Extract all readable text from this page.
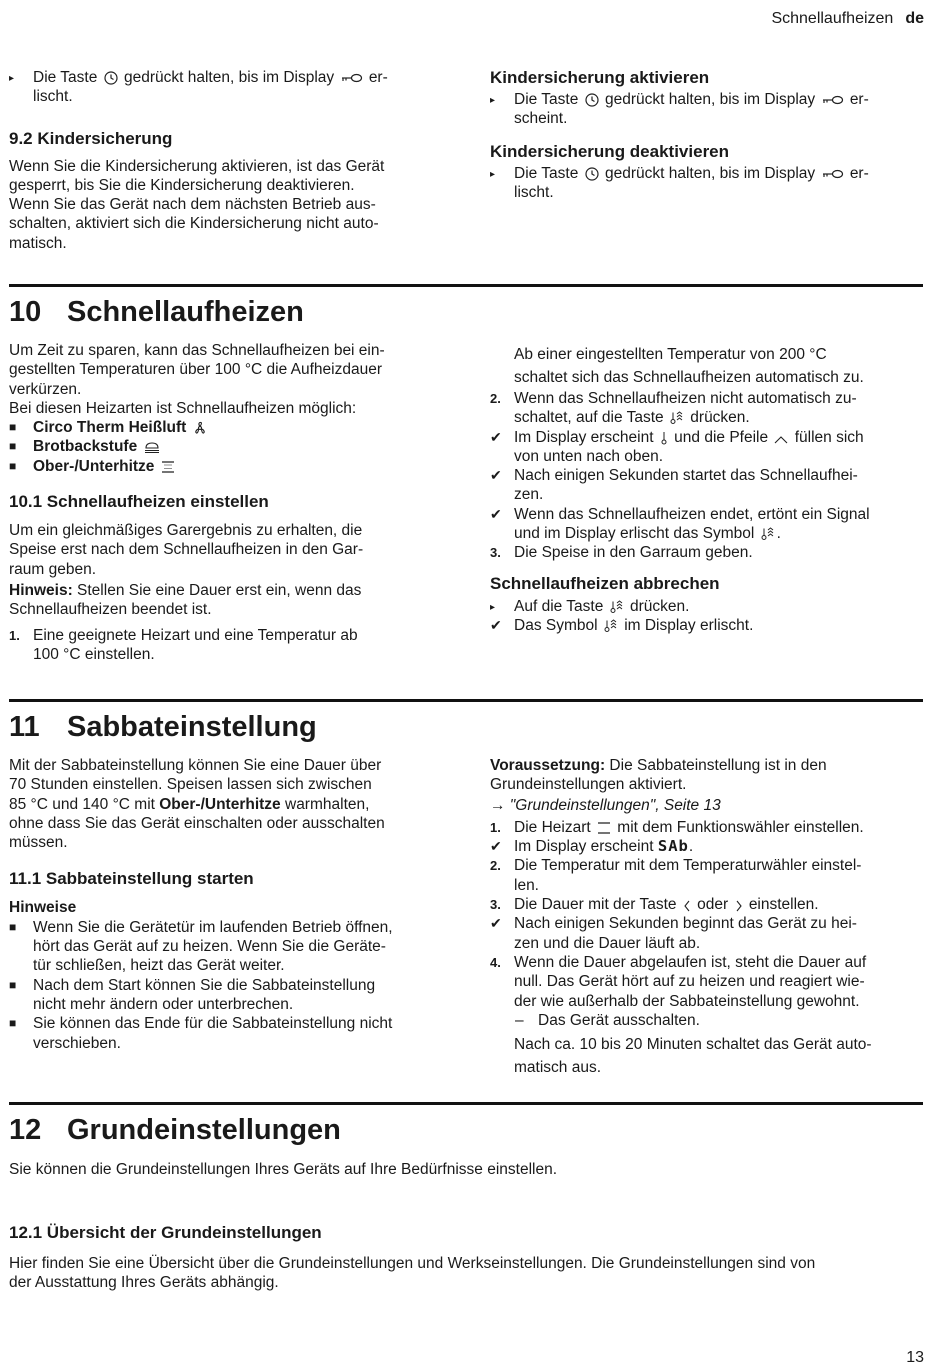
Schnellaufheizen de
▸	Die Taste gedrückt halten, bis im Display er-
lischt.
9.2 Kindersicherung
Wenn Sie die Kindersicherung aktivieren, ist das Gerät
gesperrt, bis Sie die Kindersicherung deaktivieren.
Wenn Sie das Gerät nach dem nächsten Betrieb aus-
schalten, aktiviert sich die Kindersicherung nicht auto-
matisch.
Kindersicherung aktivieren
▸	Die Taste gedrückt halten, bis im Display er-
scheint.
Kindersicherung deaktivieren
▸	Die Taste gedrückt halten, bis im Display er-
lischt.
10 Schnellaufheizen
Um Zeit zu sparen, kann das Schnellaufheizen bei ein-
gestellten Temperaturen über 100 °C die Aufheizdauer
verkürzen.
Bei diesen Heizarten ist Schnellaufheizen möglich:
■	Circo Therm Heißluft
■	Brotbackstufe
■	Ober-/Unterhitze
10.1 Schnellaufheizen einstellen
Um ein gleichmäßiges Garergebnis zu erhalten, die
Speise erst nach dem Schnellaufheizen in den Gar-
raum geben.
Hinweis: Stellen Sie eine Dauer erst ein, wenn das
Schnellaufheizen beendet ist.
1. Eine geeignete Heizart und eine Temperatur ab
100 °C einstellen.
Ab einer eingestellten Temperatur von 200 °C
schaltet sich das Schnellaufheizen automatisch zu.
2. Wenn das Schnellaufheizen nicht automatisch zu-
schaltet, auf die Taste drücken.
✔ Im Display erscheint und die Pfeile füllen sich
von unten nach oben.
✔ Nach einigen Sekunden startet das Schnellaufhei-
zen.
✔ Wenn das Schnellaufheizen endet, ertönt ein Signal
und im Display erlischt das Symbol .
3. Die Speise in den Garraum geben.
Schnellaufheizen abbrechen
▸	Auf die Taste drücken.
✔ Das Symbol im Display erlischt.
11 Sabbateinstellung
Mit der Sabbateinstellung können Sie eine Dauer über
70 Stunden einstellen. Speisen lassen sich zwischen
85 °C und 140 °C mit Ober-/Unterhitze warmhalten,
ohne dass Sie das Gerät einschalten oder ausschalten
müssen.
11.1 Sabbateinstellung starten
Hinweise
■	Wenn Sie die Gerätetür im laufenden Betrieb öffnen,
hört das Gerät auf zu heizen. Wenn Sie die Geräte-
tür schließen, heizt das Gerät weiter.
■	Nach dem Start können Sie die Sabbateinstellung
nicht mehr ändern oder unterbrechen.
■	Sie können das Ende für die Sabbateinstellung nicht
verschieben.
Voraussetzung: Die Sabbateinstellung ist in den
Grundeinstellungen aktiviert.
→ "Grundeinstellungen", Seite 13
1. Die Heizart mit dem Funktionswähler einstellen.
✔ Im Display erscheint SAb.
2. Die Temperatur mit dem Temperaturwähler einstel-
len.
3. Die Dauer mit der Taste oder einstellen.
✔ Nach einigen Sekunden beginnt das Gerät zu hei-
zen und die Dauer läuft ab.
4. Wenn die Dauer abgelaufen ist, steht die Dauer auf
null. Das Gerät hört auf zu heizen und reagiert wie-
der wie außerhalb der Sabbateinstellung gewohnt.
– Das Gerät ausschalten.
Nach ca. 10 bis 20 Minuten schaltet das Gerät auto-
matisch aus.
12 Grundeinstellungen
Sie können die Grundeinstellungen Ihres Geräts auf Ihre Bedürfnisse einstellen.
12.1 Übersicht der Grundeinstellungen
Hier finden Sie eine Übersicht über die Grundeinstellungen und Werkseinstellungen. Die Grundeinstellungen sind von
der Ausstattung Ihres Geräts abhängig.
13
